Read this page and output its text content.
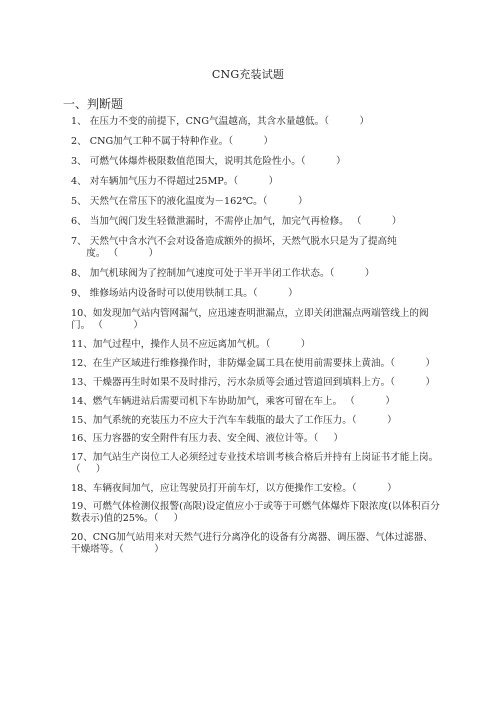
CNG充装试题
一、判断题

1、 在压力不变的前提下，CNG气温越高，其含水量越低。（          ）

2、 CNG加气工种不属于特种作业。（          ）

3、 可燃气体爆炸极限数值范围大，说明其危险性小。（          ）

4、 对车辆加气压力不得超过25MP。（          ）

5、 天然气在常压下的液化温度为－162℃。（          ）

6、 当加气阀门发生轻微泄漏时，不需停止加气，加完气再检修。 （          ）

7、 天然气中含水汽不会对设备造成额外的损坏，天然气脱水只是为了提高纯
度。 （          ）

8、 加气机球阀为了控制加气速度可处于半开半闭工作状态。（          ）

9、 维修场站内设备时可以使用铁制工具。（          ）

10、如发现加气站内管网漏气，应迅速查明泄漏点，立即关闭泄漏点两端管线上的阀门。 （          ）

11、加气过程中，操作人员不应远离加气机。（          ）

12、在生产区域进行维修操作时，非防爆金属工具在使用前需要抹上黄油。（          ）

13、干燥器再生时如果不及时排污，污水杂质等会通过管道回到填料上方。（          ）

14、燃气车辆进站后需要司机下车协助加气，乘客可留在车上。 （          ）

15、加气系统的充装压力不应大于汽车车载瓶的最大了工作压力。（          ）

16、压力容器的安全附件有压力表、安全阀、液位计等。（     ）

17、加气站生产岗位工人必须经过专业技术培训考核合格后并持有上岗证书才能上岗。（     ）

18、车辆夜间加气，应让驾驶员打开前车灯，以方便操作工安检。（          ）

19、可燃气体检测仪报警(高限)设定值应小于或等于可燃气体爆炸下限浓度(以体积百分数表示)值的25%。（     ）

20、CNG加气站用来对天然气进行分离净化的设备有分离器、调压器、气体过滤器、干燥塔等。（          ）
